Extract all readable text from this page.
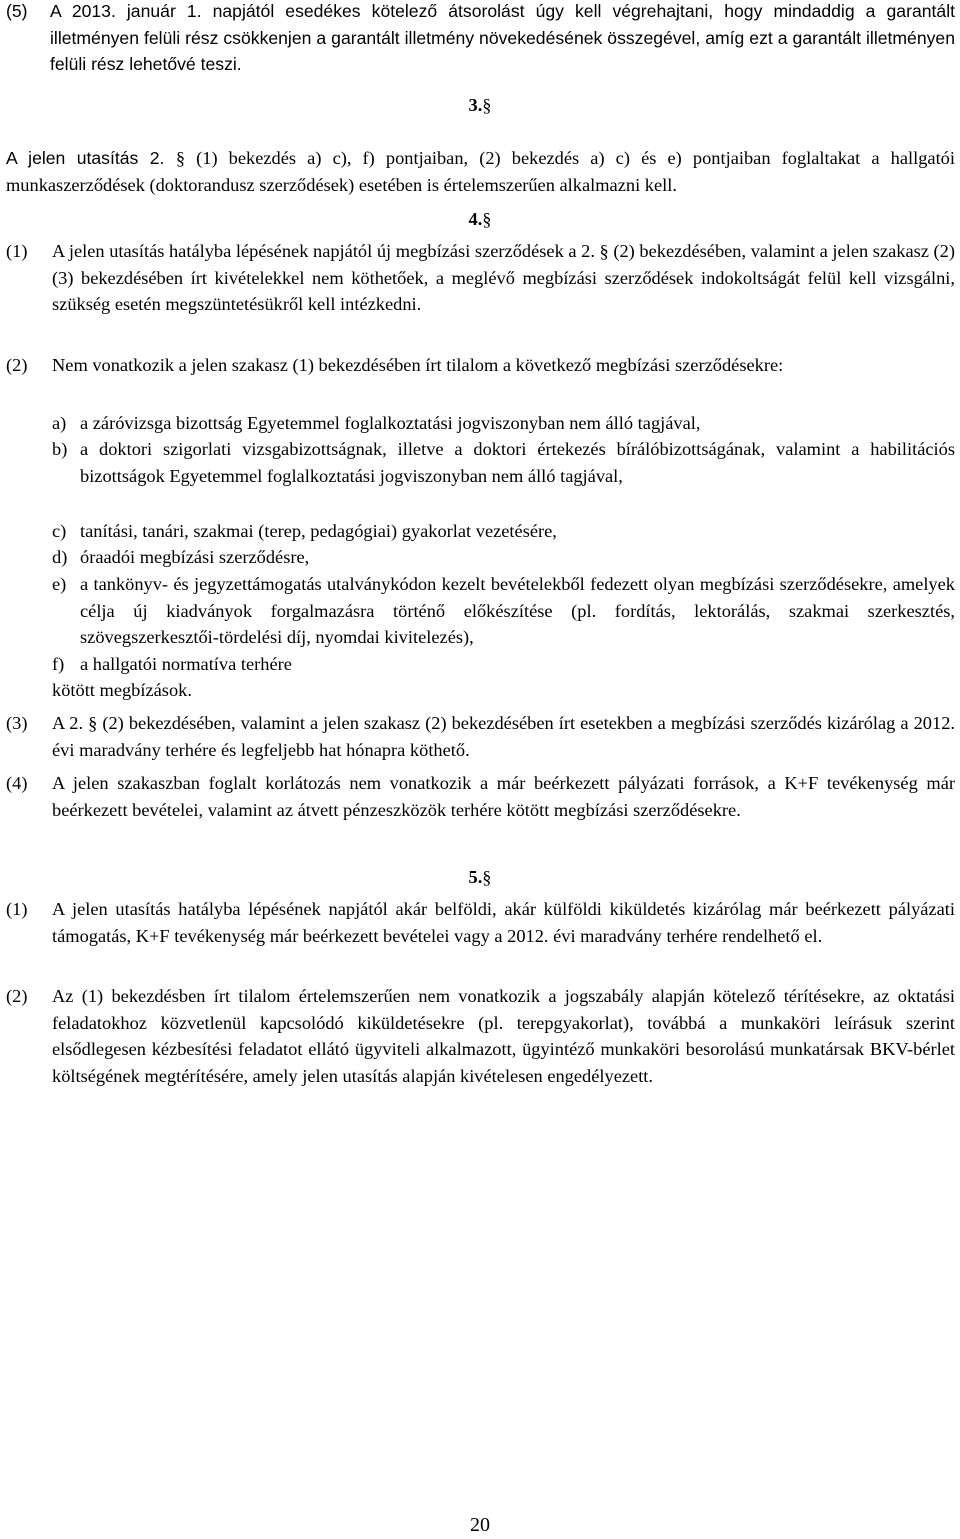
(5)	A 2013. január 1. napjától esedékes kötelező átsorolást úgy kell végrehajtani, hogy mindaddig a garantált illetményen felüli rész csökkenjen a garantált illetmény növekedésének összegével, amíg ezt a garantált illetményen felüli rész lehetővé teszi.
3.§
A jelen utasítás 2. § (1) bekezdés a) c), f) pontjaiban, (2) bekezdés a) c) és e) pontjaiban foglaltakat a hallgatói munkaszerződések (doktorandusz szerződések) esetében is értelemszerűen alkalmazni kell.
4.§
(1) A jelen utasítás hatályba lépésének napjától új megbízási szerződések a 2. § (2) bekezdésében, valamint a jelen szakasz (2) (3) bekezdésében írt kivételekkel nem köthetőek, a meglévő megbízási szerződések indokoltságát felül kell vizsgálni, szükség esetén megszüntetésükről kell intézkedni.
(2) Nem vonatkozik a jelen szakasz (1) bekezdésében írt tilalom a következő megbízási szerződésekre:
a) a záróvizsga bizottság Egyetemmel foglalkoztatási jogviszonyban nem álló tagjával,
b) a doktori szigorlati vizsgabizottságnak, illetve a doktori értekezés bírálóbizottságának, valamint a habilitációs bizottságok Egyetemmel foglalkoztatási jogviszonyban nem álló tagjával,
c) tanítási, tanári, szakmai (terep, pedagógiai) gyakorlat vezetésére,
d) óraadói megbízási szerződésre,
e) a tankönyv- és jegyzettámogatás utalványkódon kezelt bevételekből fedezett olyan megbízási szerződésekre, amelyek célja új kiadványok forgalmazásra történő előkészítése (pl. fordítás, lektorálás, szakmai szerkesztés, szövegszerkesztői-tördelési díj, nyomdai kivitelezés),
f) a hallgatói normatíva terhére
kötött megbízások.
(3) A 2. § (2) bekezdésében, valamint a jelen szakasz (2) bekezdésében írt esetekben a megbízási szerződés kizárólag a 2012. évi maradvány terhére és legfeljebb hat hónapra köthető.
(4) A jelen szakaszban foglalt korlátozás nem vonatkozik a már beérkezett pályázati források, a K+F tevékenység már beérkezett bevételei, valamint az átvett pénzeszközök terhére kötött megbízási szerződésekre.
5.§
(1) A jelen utasítás hatályba lépésének napjától akár belföldi, akár külföldi kiküldetés kizárólag már beérkezett pályázati támogatás, K+F tevékenység már beérkezett bevételei vagy a 2012. évi maradvány terhére rendelhető el.
(2) Az (1) bekezdésben írt tilalom értelemszerűen nem vonatkozik a jogszabály alapján kötelező térítésekre, az oktatási feladatokhoz közvetlenül kapcsolódó kiküldetésekre (pl. terepgyakorlat), továbbá a munkaköri leírásuk szerint elsődlegesen kézbesítési feladatot ellátó ügyviteli alkalmazott, ügyintéző munkaköri besorolású munkatársak BKV-bérlet költségének megtérítésére, amely jelen utasítás alapján kivételesen engedélyezett.
20
